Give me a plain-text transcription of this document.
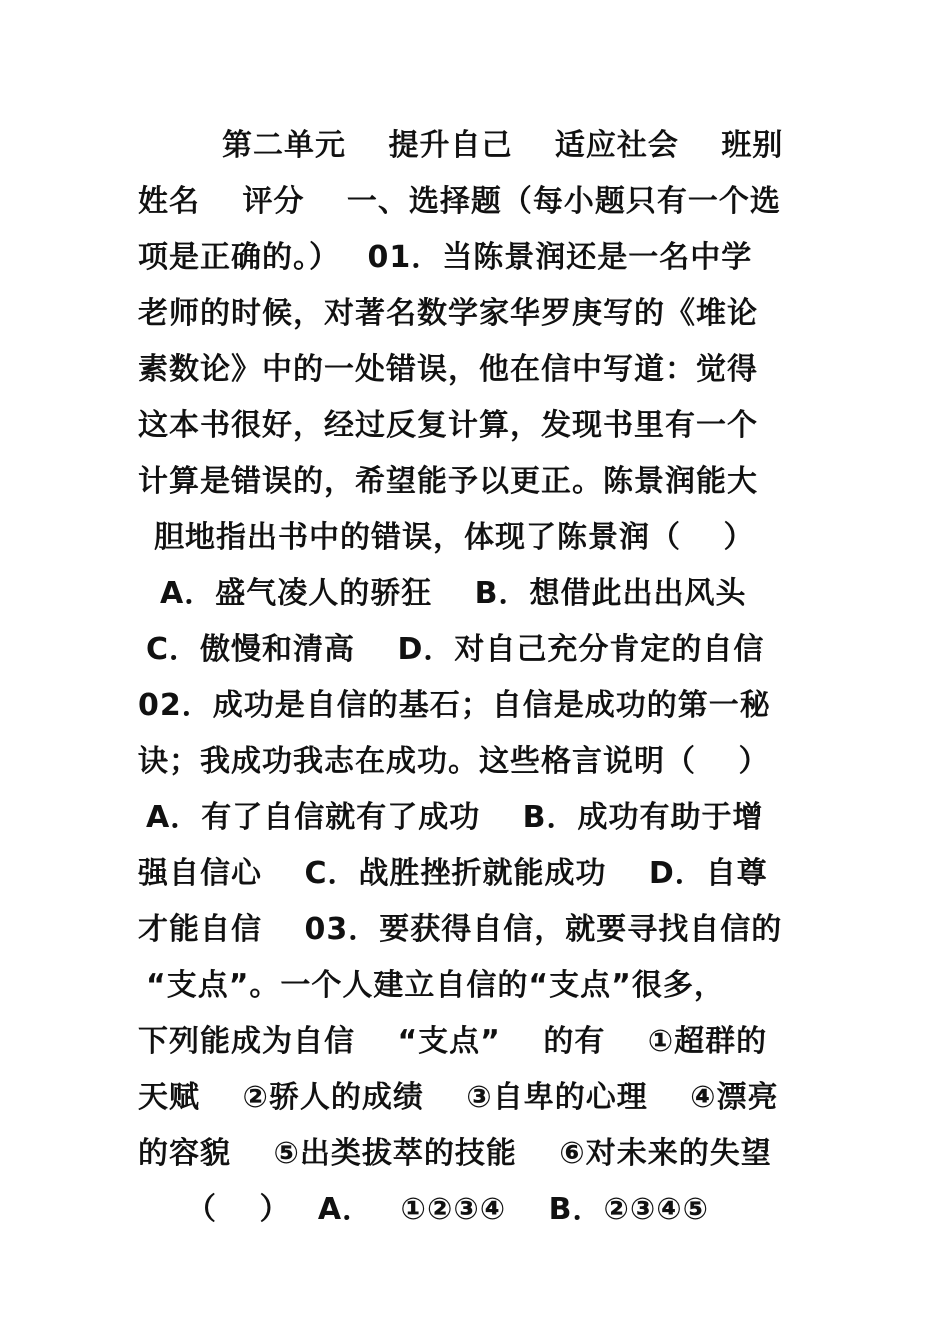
第二单元　 提升自己　 适应社会　 班别
姓名　 评分　 一、选择题（每小题只有一个选
项是正确的。）　 01．当陈景润还是一名中学
老师的时候，对著名数学家华罗庚写的《堆论
素数论》中的一处错误，他在信中写道：觉得
这本书很好，经过反复计算，发现书里有一个
计算是错误的，希望能予以更正。陈景润能大
胆地指出书中的错误，体现了陈景润（　 ）
A．盛气凌人的骄狂　 B．想借此出出风头
C．傲慢和清高　 D．对自己充分肯定的自信
02．成功是自信的基石；自信是成功的第一秘
诀；我成功我志在成功。这些格言说明（　 ）
A．有了自信就有了成功　 B．成功有助于增
强自信心　 C．战胜挫折就能成功　 D．自尊
才能自信　 03．要获得自信，就要寻找自信的
“支点”。一个人建立自信的“支点”很多，
下列能成为自信　 “支点”　 的有　 ①超群的
天赋　 ②骄人的成绩　 ③自卑的心理　 ④漂亮
的容貌　 ⑤出类拔萃的技能　 ⑥对未来的失望
（　 ）　 A．　 ①②③④　 B．②③④⑤
